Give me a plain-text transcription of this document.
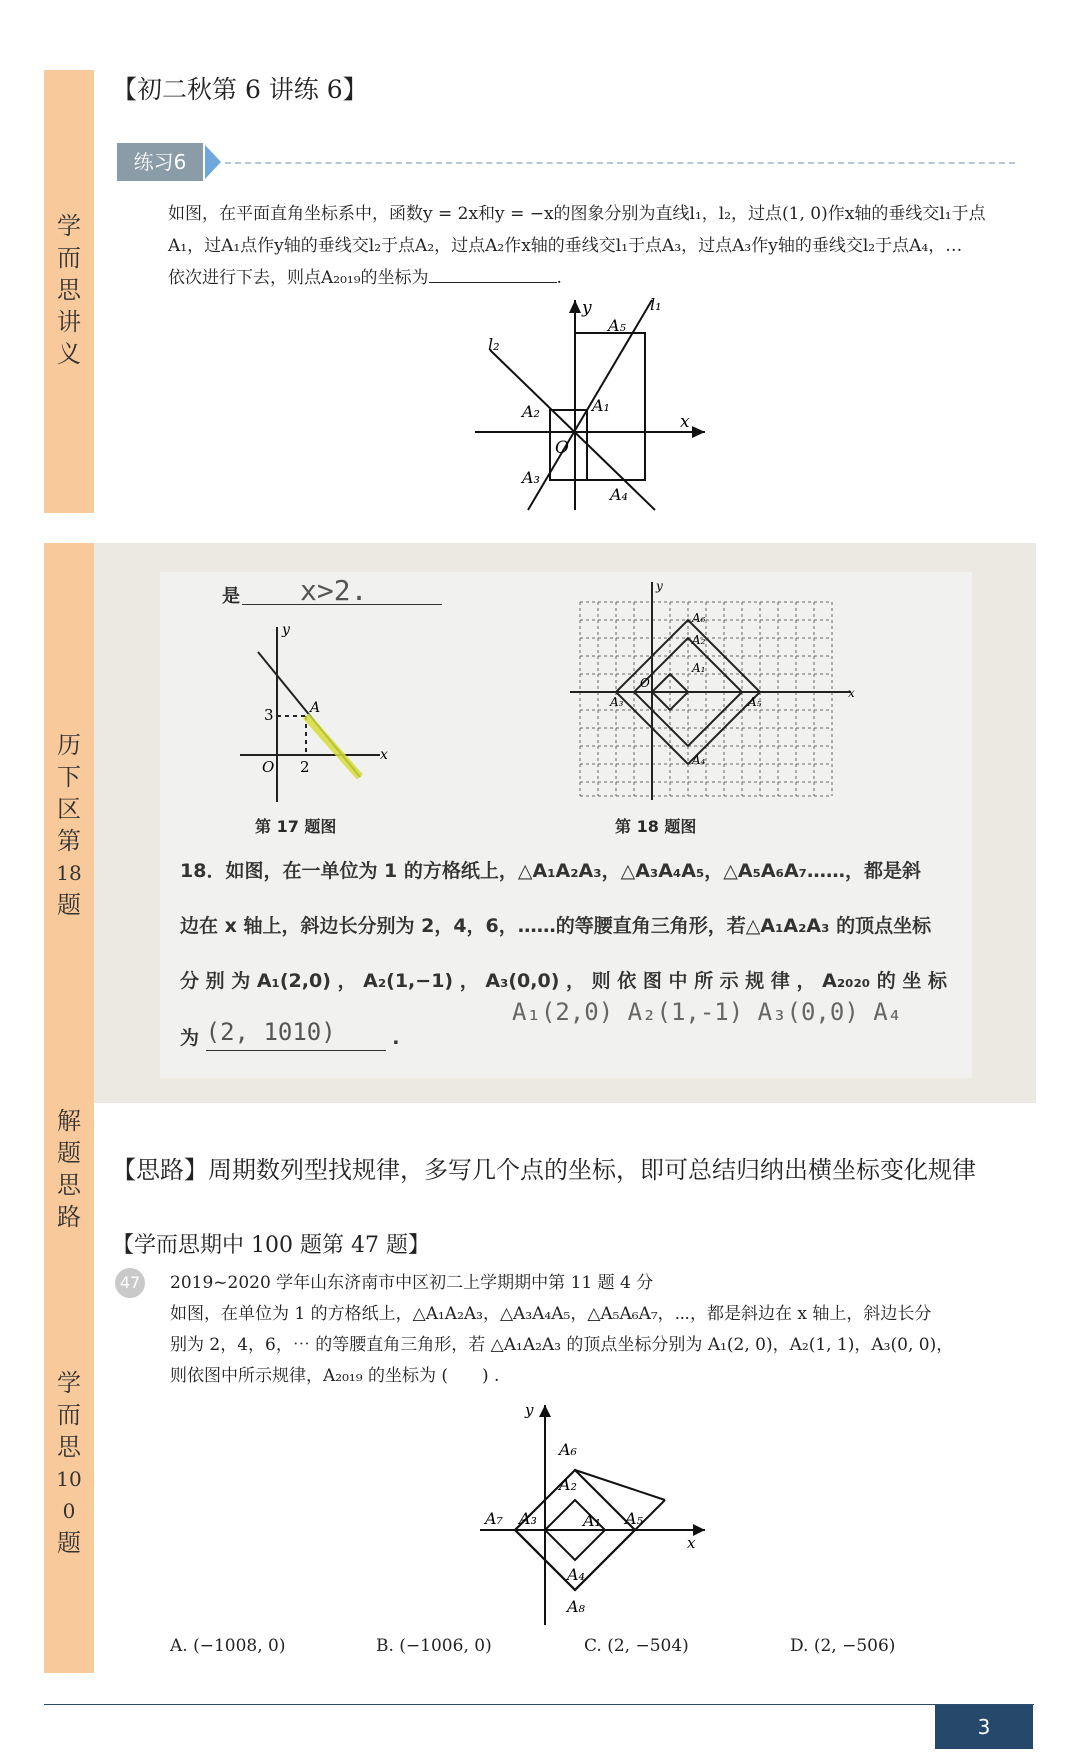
学
而
思
讲
义
历
下
区
第
18
题
解
题
思
路
学
而
思
10
0
题
【初二秋第 6 讲练 6】
练习6
如图，在平面直角坐标系中，函数y = 2x和y = −x的图象分别为直线l₁，l₂，过点(1, 0)作x轴的垂线交l₁于点
A₁，过A₁点作y轴的垂线交l₂于点A₂，过点A₂作x轴的垂线交l₁于点A₃，过点A₃作y轴的垂线交l₂于点A₄，…
依次进行下去，则点A₂₀₁₉的坐标为	.
y
x
O
l₁
l₂
A₁
A₂
A₃
A₄
A₅
是 x>2.
y
x
O
3
2
A
第 17 题图
y
x
O
A₆
A₂
A₁
A₃	A₅
A₄
第 18 题图
18．如图，在一单位为 1 的方格纸上，△A₁A₂A₃，△A₃A₄A₅，△A₅A₆A₇……，都是斜
边在 x 轴上，斜边长分别为 2，4，6，……的等腰直角三角形，若△A₁A₂A₃ 的顶点坐标
分 别 为 A₁(2,0) ， A₂(1,−1) ， A₃(0,0) ， 则 依 图 中 所 示 规 律 ， A₂₀₂₀ 的 坐 标
为 (2, 1010)	.
A₁(2,0) A₂(1,-1) A₃(0,0) A₄
【思路】周期数列型找规律，多写几个点的坐标，即可总结归纳出横坐标变化规律
【学而思期中 100 题第 47 题】
47 2019~2020 学年山东济南市中区初二上学期期中第 11 题 4 分
如图，在单位为 1 的方格纸上，△A₁A₂A₃，△A₃A₄A₅，△A₅A₆A₇，⋯，都是斜边在 x 轴上，斜边长分
别为 2，4，6，⋯ 的等腰直角三角形，若 △A₁A₂A₃ 的顶点坐标分别为 A₁(2, 0)，A₂(1, 1)，A₃(0, 0)，
则依图中所示规律，A₂₀₁₉ 的坐标为 (　　) .
y
x
A₆
A₂
A₁
A₇ A₃	A₅
A₄
A₈
A. (−1008, 0)	B. (−1006, 0)	C. (2, −504)	D. (2, −506)
3
